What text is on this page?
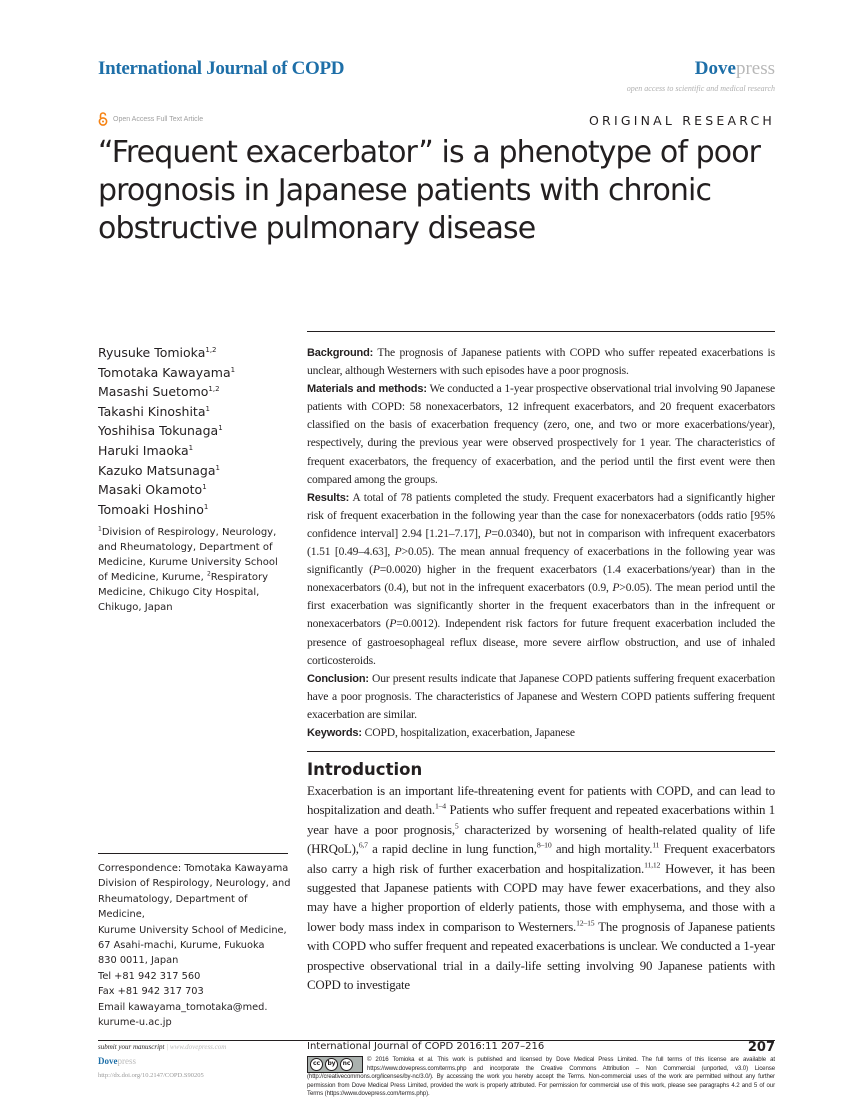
International Journal of COPD	Dovepress
open access to scientific and medical research
Open Access Full Text Article	ORIGINAL RESEARCH
“Frequent exacerbator” is a phenotype of poor prognosis in Japanese patients with chronic obstructive pulmonary disease
Ryusuke Tomioka$^{1,2}$
Tomotaka Kawayama$^1$
Masashi Suetomo$^{1,2}$
Takashi Kinoshita$^1$
Yoshihisa Tokunaga$^1$
Haruki Imaoka$^1$
Kazuko Matsunaga$^1$
Masaki Okamoto$^1$
Tomoaki Hoshino$^1$
$^1$Division of Respirology, Neurology, and Rheumatology, Department of Medicine, Kurume University School of Medicine, Kurume, $^2$Respiratory Medicine, Chikugo City Hospital, Chikugo, Japan
Correspondence: Tomotaka Kawayama
Division of Respirology, Neurology, and
Rheumatology, Department of Medicine,
Kurume University School of Medicine,
67 Asahi-machi, Kurume, Fukuoka
830 0011, Japan
Tel +81 942 317 560
Fax +81 942 317 703
Email kawayama_tomotaka@med.
kurume-u.ac.jp

Background: The prognosis of Japanese patients with COPD who suffer repeated exacerbations is unclear, although Westerners with such episodes have a poor prognosis.

Materials and methods: We conducted a 1-year prospective observational trial involving 90 Japanese patients with COPD: 58 nonexacerbators, 12 infrequent exacerbators, and 20 frequent exacerbators classified on the basis of exacerbation frequency (zero, one, and two or more exacerbations/year), respectively, during the previous year were observed prospectively for 1 year. The characteristics of frequent exacerbators, the frequency of exacerbation, and the period until the first event were then compared among the groups.

Results: A total of 78 patients completed the study. Frequent exacerbators had a significantly higher risk of frequent exacerbation in the following year than the case for nonexacerbators (odds ratio [95% confidence interval] 2.94 [1.21–7.17], P=0.0340), but not in comparison with infrequent exacerbators (1.51 [0.49–4.63], P>0.05). The mean annual frequency of exacerbations in the following year was significantly (P=0.0020) higher in the frequent exacerbators (1.4 exacerbations/year) than in the nonexacerbators (0.4), but not in the infrequent exacerbators (0.9, P>0.05). The mean period until the first exacerbation was significantly shorter in the frequent exacerbators than in the infrequent or nonexacerbators (P=0.0012). Independent risk factors for future frequent exacerbation included the presence of gastroesophageal reflux disease, more severe airflow obstruction, and use of inhaled corticosteroids.

Conclusion: Our present results indicate that Japanese COPD patients suffering frequent exacerbation have a poor prognosis. The characteristics of Japanese and Western COPD patients suffering frequent exacerbation are similar.

Keywords: COPD, hospitalization, exacerbation, Japanese

Introduction
Exacerbation is an important life-threatening event for patients with COPD, and can lead to hospitalization and death.$^{1-4}$ Patients who suffer frequent and repeated exacerbations within 1 year have a poor prognosis,$^5$ characterized by worsening of health-related quality of life (HRQoL),$^{6,7}$ a rapid decline in lung function,$^{8-10}$ and high mortality.$^{11}$ Frequent exacerbators also carry a high risk of further exacerbation and hospitalization.$^{11,12}$ However, it has been suggested that Japanese patients with COPD may have fewer exacerbations, and they also may have a higher proportion of elderly patients, those with emphysema, and those with a lower body mass index in comparison to Westerners.$^{12-15}$ The prognosis of Japanese patients with COPD who suffer frequent and repeated exacerbations is unclear. We conducted a 1-year prospective observational trial in a daily-life setting involving 90 Japanese patients with COPD to investigate
submit your manuscript | www.dovepress.com
Dovepress
http://dx.doi.org/10.2147/COPD.S90205
International Journal of COPD 2016:11 207–216	207
cc	by	nc
© 2016 Tomioka et al. This work is published and licensed by Dove Medical Press Limited. The full terms of this license are available at https://www.dovepress.com/terms.php and incorporate the Creative Commons Attribution – Non Commercial (unported, v3.0) License (http://creativecommons.org/licenses/by-nc/3.0/). By accessing the work you hereby accept the Terms. Non-commercial uses of the work are permitted without any further permission from Dove Medical Press Limited, provided the work is properly attributed. For permission for commercial use of this work, please see paragraphs 4.2 and 5 of our Terms (https://www.dovepress.com/terms.php).
